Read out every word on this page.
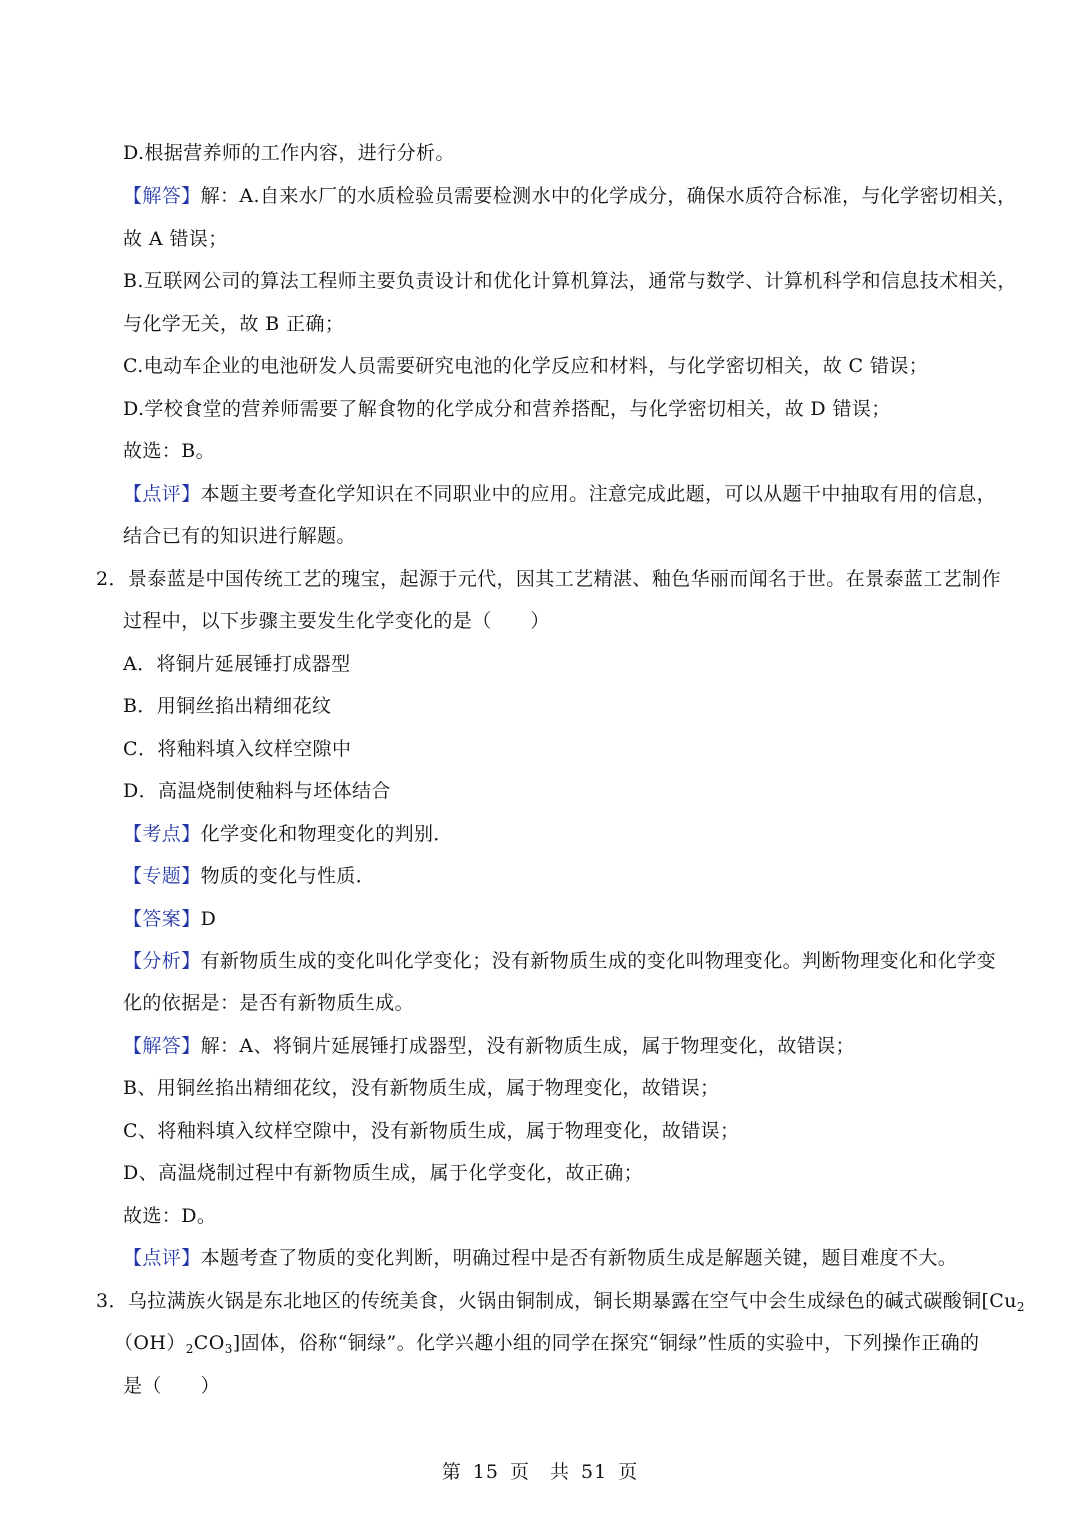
D.根据营养师的工作内容，进行分析。
【解答】解：A.自来水厂的水质检验员需要检测水中的化学成分，确保水质符合标准，与化学密切相关，
故 A 错误；
B.互联网公司的算法工程师主要负责设计和优化计算机算法，通常与数学、计算机科学和信息技术相关，
与化学无关，故 B 正确；
C.电动车企业的电池研发人员需要研究电池的化学反应和材料，与化学密切相关，故 C 错误；
D.学校食堂的营养师需要了解食物的化学成分和营养搭配，与化学密切相关，故 D 错误；
故选：B。
【点评】本题主要考查化学知识在不同职业中的应用。注意完成此题，可以从题干中抽取有用的信息，
结合已有的知识进行解题。
2．景泰蓝是中国传统工艺的瑰宝，起源于元代，因其工艺精湛、釉色华丽而闻名于世。在景泰蓝工艺制作
过程中，以下步骤主要发生化学变化的是（　　）
A．将铜片延展锤打成器型
B．用铜丝掐出精细花纹
C．将釉料填入纹样空隙中
D．高温烧制使釉料与坯体结合
【考点】化学变化和物理变化的判别．
【专题】物质的变化与性质．
【答案】D
【分析】有新物质生成的变化叫化学变化；没有新物质生成的变化叫物理变化。判断物理变化和化学变
化的依据是：是否有新物质生成。
【解答】解：A、将铜片延展锤打成器型，没有新物质生成，属于物理变化，故错误；
B、用铜丝掐出精细花纹，没有新物质生成，属于物理变化，故错误；
C、将釉料填入纹样空隙中，没有新物质生成，属于物理变化，故错误；
D、高温烧制过程中有新物质生成，属于化学变化，故正确；
故选：D。
【点评】本题考查了物质的变化判断，明确过程中是否有新物质生成是解题关键，题目难度不大。
3．乌拉满族火锅是东北地区的传统美食，火锅由铜制成，铜长期暴露在空气中会生成绿色的碱式碳酸铜[$Cu_2$
$(OH)_2CO_3$]固体，俗称“铜绿”。化学兴趣小组的同学在探究“铜绿”性质的实验中，下列操作正确的
是（　　）
第 15 页　共 51 页
